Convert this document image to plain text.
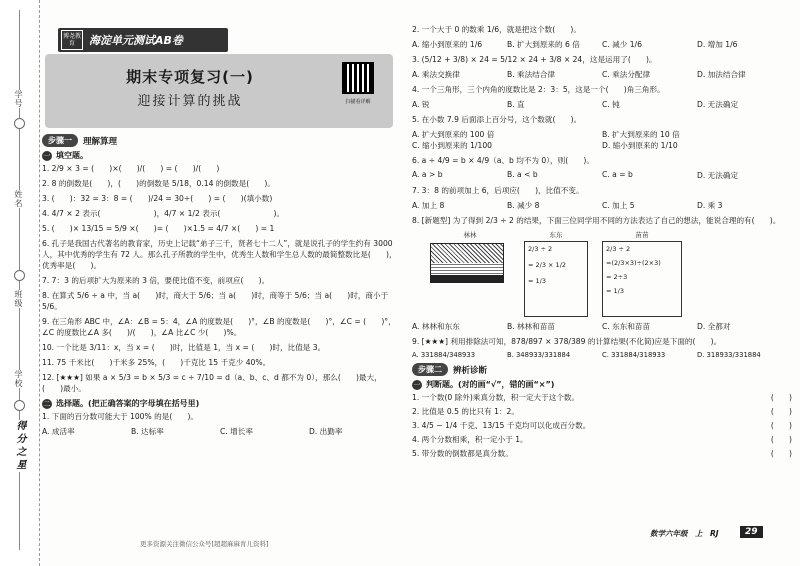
学号
姓名
班级
学校
得分之星
博尧教育	海淀单元测试AB卷
期末专项复习(一)
迎接计算的挑战	扫描看详解
步骤一	理解算理
一 填空题。
1. 2/9 × 3 = (　　)×(　　)/(　　) = (　　)/(　　)
2. 8 的倒数是(　　)，(　　)的倒数是 5/18，0.14 的倒数是(　　)。
3. (　　)：32 = 3：8 = (　　)/24 = 30÷(　　) = (　　)(填小数)
4. 4/7 × 2 表示(　　　　　　　)，4/7 × 1/2 表示(　　　　　　　)。
5. (　　)× 13/15 = 5/9 ×(　　)= (　　)×1.5 = 4/7 ×(　　) = 1
6. 孔子是我国古代著名的教育家，历史上记载“弟子三千，贤者七十二人”，就是说孔子的学生约有 3000 人，其中优秀的学生有 72 人。那么孔子所教的学生中，优秀生人数和学生总人数的最简整数比是(　　)，优秀率是(　　)。
7. 7：3 的后项扩大为原来的 3 倍，要使比值不变，前项应(　　)。
8. 在算式 5/6 ÷ a 中，当 a(　　)时，商大于 5/6；当 a(　　)时，商等于 5/6；当 a(　　)时，商小于 5/6。
9. 在三角形 ABC 中，∠A：∠B = 5：4，∠A 的度数是(　　)°，∠B 的度数是(　　)°，∠C = (　　)°，∠C 的度数比∠A 多(　　)/(　　)，∠A 比∠C 少(　　)%。
10. 一个比是 3/11：x，当 x = (　　)时，比值是 1，当 x = (　　)时，比值是 3。
11. 75 千米比(　　)千米多 25%，(　　)千克比 15 千克少 40%。
12. [★★★] 如果 a × 5/3 = b × 5/3 = c ÷ 7/10 = d（a、b、c、d 都不为 0），那么(　　)最大，(　　)最小。
二 选择题。(把正确答案的字母填在括号里)
1. 下面的百分数可能大于 100% 的是(　　)。
A. 成活率	B. 达标率	C. 增长率	D. 出勤率
2. 一个大于 0 的数乘 1/6，就是把这个数(　　)。
A. 缩小到原来的 1/6	B. 扩大到原来的 6 倍	C. 减少 1/6	D. 增加 1/6
3. (5/12 + 3/8) × 24 = 5/12 × 24 + 3/8 × 24，这是运用了(　　)。
A. 乘法交换律	B. 乘法结合律	C. 乘法分配律	D. 加法结合律
4. 一个三角形，三个内角的度数比是 2：3：5，这是一个(　　)角三角形。
A. 锐	B. 直	C. 钝	D. 无法确定
5. 在小数 7.9 后面添上百分号，这个数就(　　)。
A. 扩大到原来的 100 倍	B. 扩大到原来的 10 倍
C. 缩小到原来的 1/100	D. 缩小到原来的 1/10
6. a ÷ 4/9 = b × 4/9（a、b 均不为 0），则(　　)。
A. a > b	B. a < b	C. a = b	D. 无法确定
7. 3：8 的前项加上 6，后项应(　　)，比值不变。
A. 加上 8	B. 减少 8	C. 加上 5	D. 乘 3
8. [新题型] 为了得到 2/3 ÷ 2 的结果，下面三位同学用不同的方法表达了自己的想法，能说合理的有(　　)。
林林	东东
2/3 ÷ 2
= 2/3 × 1/2
= 1/3
苗苗
2/3 ÷ 2
=(2/3×3)÷(2×3)
= 2÷3
= 1/3
A. 林林和东东	B. 林林和苗苗	C. 东东和苗苗	D. 全都对
9. [★★★] 利用排除法可知，878/897 × 378/389 的计算结果(不化简)应是下面的(　　)。
A. 331884/348933	B. 348933/331884	C. 331884/318933	D. 318933/331884
步骤二	辨析诊断
一 判断题。(对的画“√”，错的画“×”)
1. 一个数(0 除外)乘真分数，积一定大于这个数。	(　　)
2. 比值是 0.5 的比只有 1：2。	(　　)
3. 4/5 − 1/4 千克、13/15 千克均可以化成百分数。	(　　)
4. 两个分数相乘，积一定小于 1。	(　　)
5. 带分数的倒数都是真分数。	(　　)
更多资源关注微信公众号[超超麻麻育儿资料]
数学六年级　上　RJ	29
